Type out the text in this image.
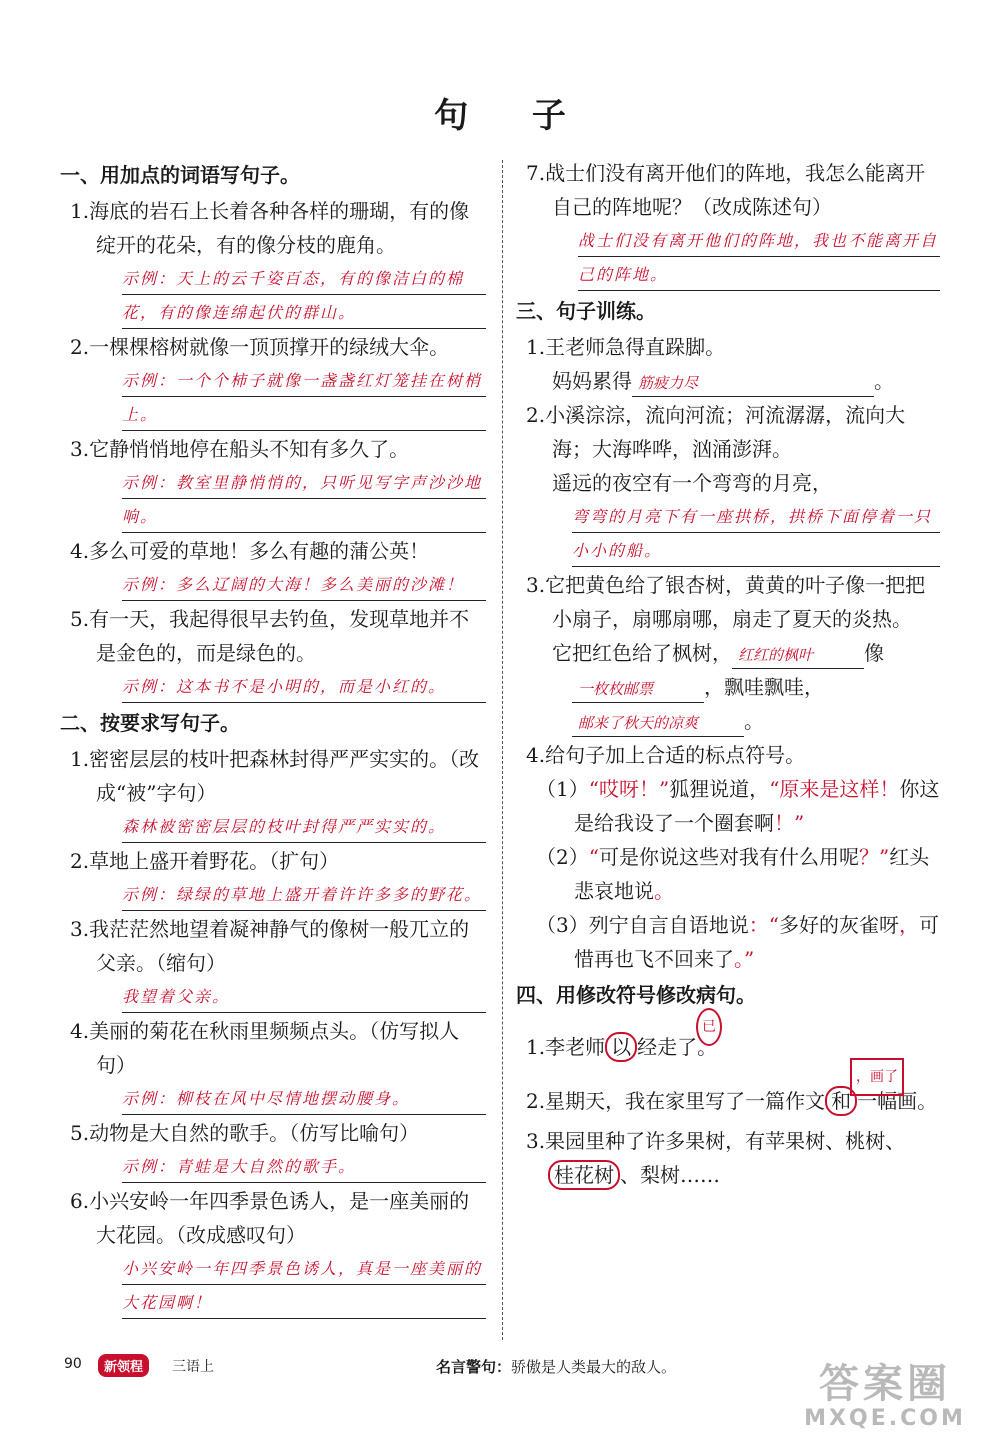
句 子
一、用加点的词语写句子。
1.海底的岩石上长着各种各样的珊瑚，有的像绽开的花朵，有的像分枝的鹿角。
示例：天上的云千姿百态，有的像洁白的棉花，有的像连绵起伏的群山。
2.一棵棵榕树就像一顶顶撑开的绿绒大伞。
示例：一个个柿子就像一盏盏红灯笼挂在树梢上。
3.它静悄悄地停在船头不知有多久了。
示例：教室里静悄悄的，只听见写字声沙沙地响。
4.多么可爱的草地！多么有趣的蒲公英！
示例：多么辽阔的大海！多么美丽的沙滩！
5.有一天，我起得很早去钓鱼，发现草地并不是金色的，而是绿色的。
示例：这本书不是小明的，而是小红的。
二、按要求写句子。
1.密密层层的枝叶把森林封得严严实实的。（改成“被”字句）
森林被密密层层的枝叶封得严严实实的。
2.草地上盛开着野花。（扩句）
示例：绿绿的草地上盛开着许许多多的野花。
3.我茫茫然地望着凝神静气的像树一般兀立的父亲。（缩句）
我望着父亲。
4.美丽的菊花在秋雨里频频点头。（仿写拟人句）
示例：柳枝在风中尽情地摆动腰身。
5.动物是大自然的歌手。（仿写比喻句）
示例：青蛙是大自然的歌手。
6.小兴安岭一年四季景色诱人，是一座美丽的大花园。（改成感叹句）
小兴安岭一年四季景色诱人，真是一座美丽的大花园啊！
7.战士们没有离开他们的阵地，我怎么能离开自己的阵地呢？（改成陈述句）
战士们没有离开他们的阵地，我也不能离开自己的阵地。
三、句子训练。
1.王老师急得直跺脚。
妈妈累得 筋疲力尽	。
2.小溪淙淙，流向河流；河流潺潺，流向大海；大海哗哗，汹涌澎湃。
遥远的夜空有一个弯弯的月亮，
弯弯的月亮下有一座拱桥，拱桥下面停着一只小小的船。
3.它把黄色给了银杏树，黄黄的叶子像一把把小扇子，扇哪扇哪，扇走了夏天的炎热。
它把红色给了枫树， 红红的枫叶	像
一枚枚邮票	，飘哇飘哇，
邮来了秋天的凉爽 。
4.给句子加上合适的标点符号。
（1）“哎呀！”狐狸说道，“原来是这样！你这是给我设了一个圈套啊！”
（2）“可是你说这些对我有什么用呢？”红头悲哀地说。
（3）列宁自言自语地说：“多好的灰雀呀，可惜再也飞不回来了。”
四、用修改符号修改病句。
1.李老师 以 经走了。
已
2.星期天，我在家里写了一篇作文 和 一幅画。
，画了
3.果园里种了许多果树，有苹果树、桃树、
桂花树 、梨树……
90	新领程	三语上	名言警句：骄傲是人类最大的敌人。	答案圈
MXQE.COM
